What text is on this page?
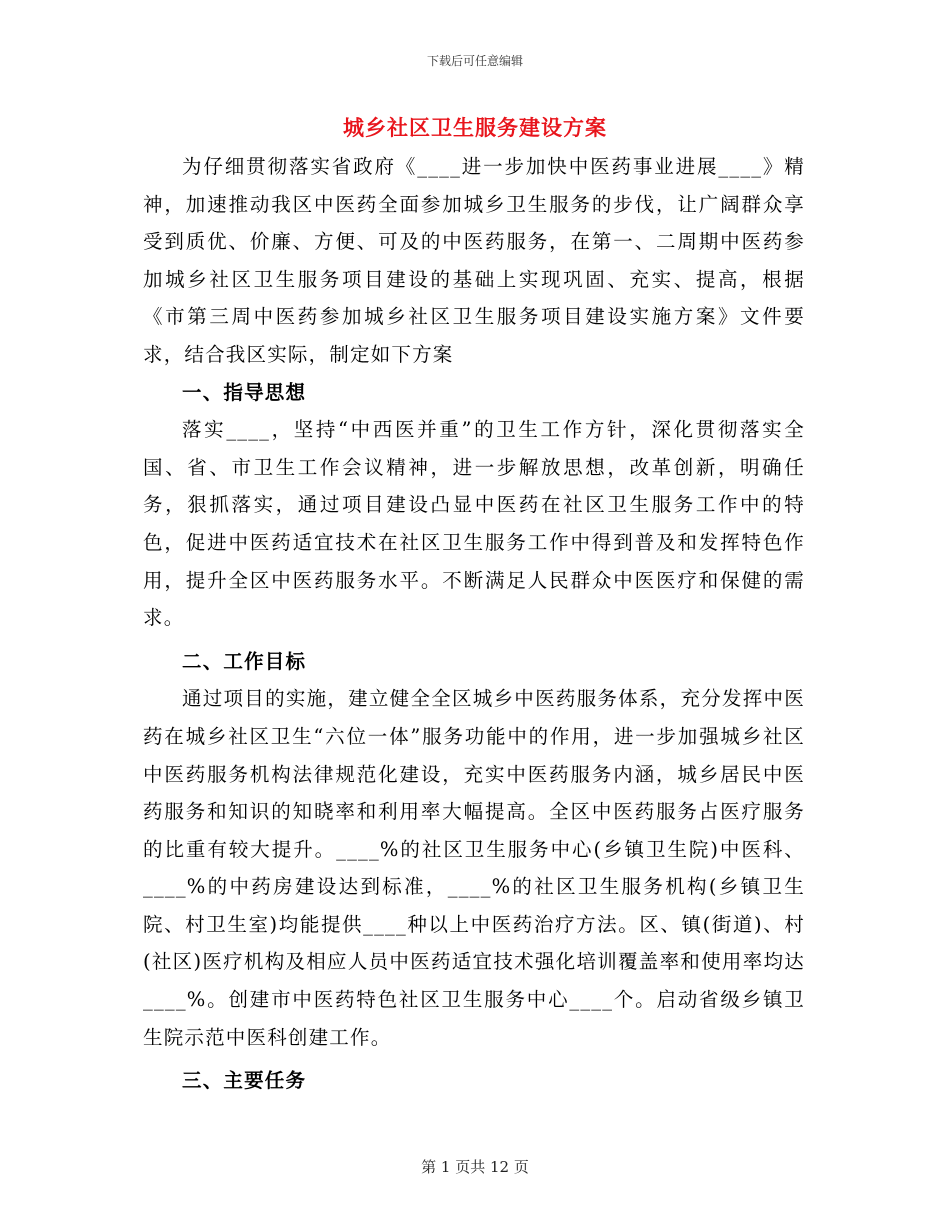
下载后可任意编辑
城乡社区卫生服务建设方案

为仔细贯彻落实省政府《____进一步加快中医药事业进展____》精神，加速推动我区中医药全面参加城乡卫生服务的步伐，让广阔群众享受到质优、价廉、方便、可及的中医药服务，在第一、二周期中医药参加城乡社区卫生服务项目建设的基础上实现巩固、充实、提高，根据《市第三周中医药参加城乡社区卫生服务项目建设实施方案》文件要求，结合我区实际，制定如下方案

一、指导思想

落实____，坚持“中西医并重”的卫生工作方针，深化贯彻落实全国、省、市卫生工作会议精神，进一步解放思想，改革创新，明确任务，狠抓落实，通过项目建设凸显中医药在社区卫生服务工作中的特色，促进中医药适宜技术在社区卫生服务工作中得到普及和发挥特色作用，提升全区中医药服务水平。不断满足人民群众中医医疗和保健的需求。

二、工作目标

通过项目的实施，建立健全全区城乡中医药服务体系，充分发挥中医药在城乡社区卫生“六位一体”服务功能中的作用，进一步加强城乡社区中医药服务机构法律规范化建设，充实中医药服务内涵，城乡居民中医药服务和知识的知晓率和利用率大幅提高。全区中医药服务占医疗服务的比重有较大提升。____%的社区卫生服务中心(乡镇卫生院)中医科、____%的中药房建设达到标准，____%的社区卫生服务机构(乡镇卫生院、村卫生室)均能提供____种以上中医药治疗方法。区、镇(街道)、村(社区)医疗机构及相应人员中医药适宜技术强化培训覆盖率和使用率均达____%。创建市中医药特色社区卫生服务中心____个。启动省级乡镇卫生院示范中医科创建工作。

三、主要任务
第 1 页共 12 页
